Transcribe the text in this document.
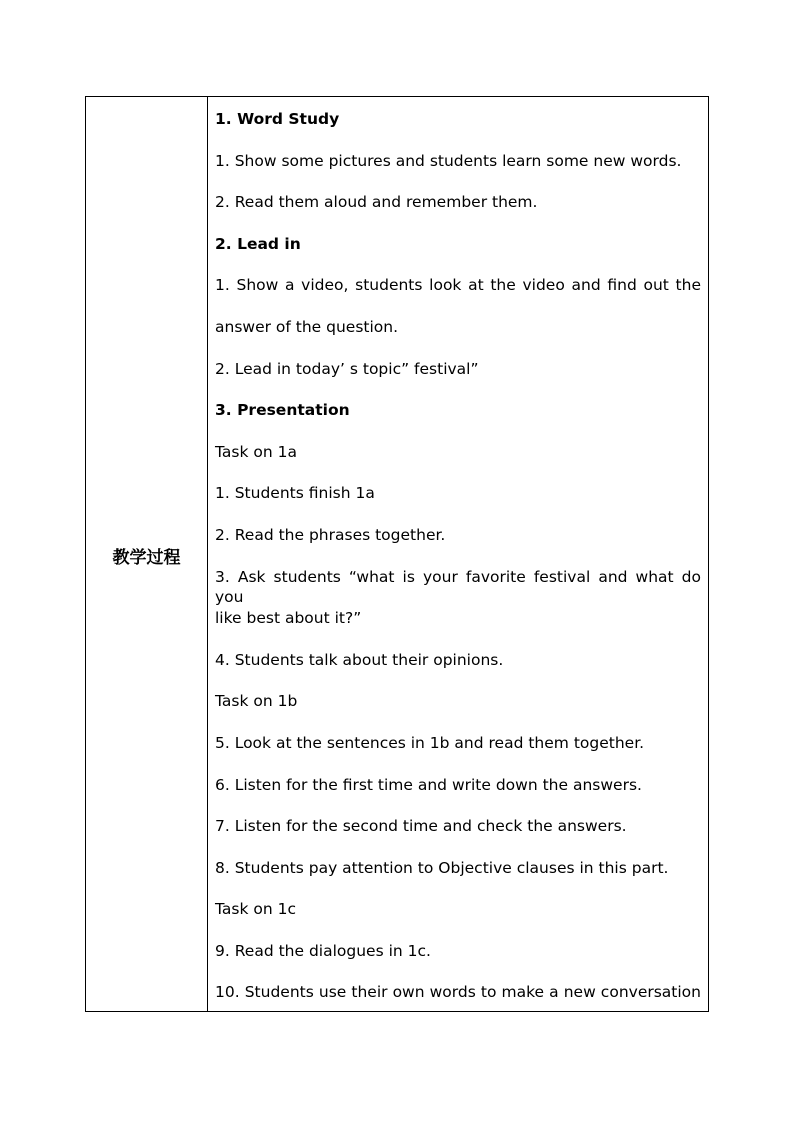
教学过程
1. Word Study
1. Show some pictures and students learn some new words.
2. Read them aloud and remember them.
2. Lead in
1. Show a video, students look at the video and find out the
answer of the question.
2. Lead in today’ s topic” festival”
3. Presentation
Task on 1a
1. Students finish 1a
2. Read the phrases together.
3. Ask students “what is your favorite festival and what do you
like best about it?”
4. Students talk about their opinions.
Task on 1b
5. Look at the sentences in 1b and read them together.
6. Listen for the first time and write down the answers.
7. Listen for the second time and check the answers.
8. Students pay attention to Objective clauses in this part.
Task on 1c
9. Read the dialogues in 1c.
10. Students use their own words to make a new conversation
